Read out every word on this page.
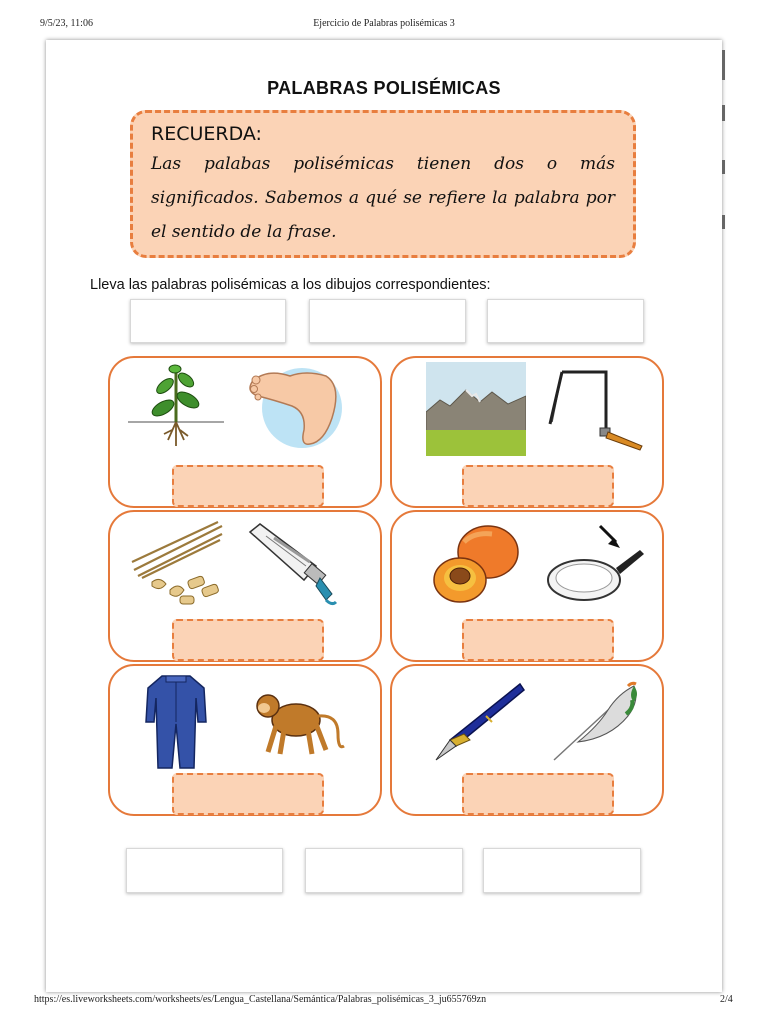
9/5/23, 11:06	Ejercicio de Palabras polisémicas 3
PALABRAS POLISÉMICAS
RECUERDA:
Las palabas polisémicas tienen dos o más significados. Sabemos a qué se refiere la palabra por el sentido de la frase.
Lleva las palabras polisémicas a los dibujos correspondientes:
https://es.liveworksheets.com/worksheets/es/Lengua_Castellana/Semántica/Palabras_polisémicas_3_ju655769zn	2/4
